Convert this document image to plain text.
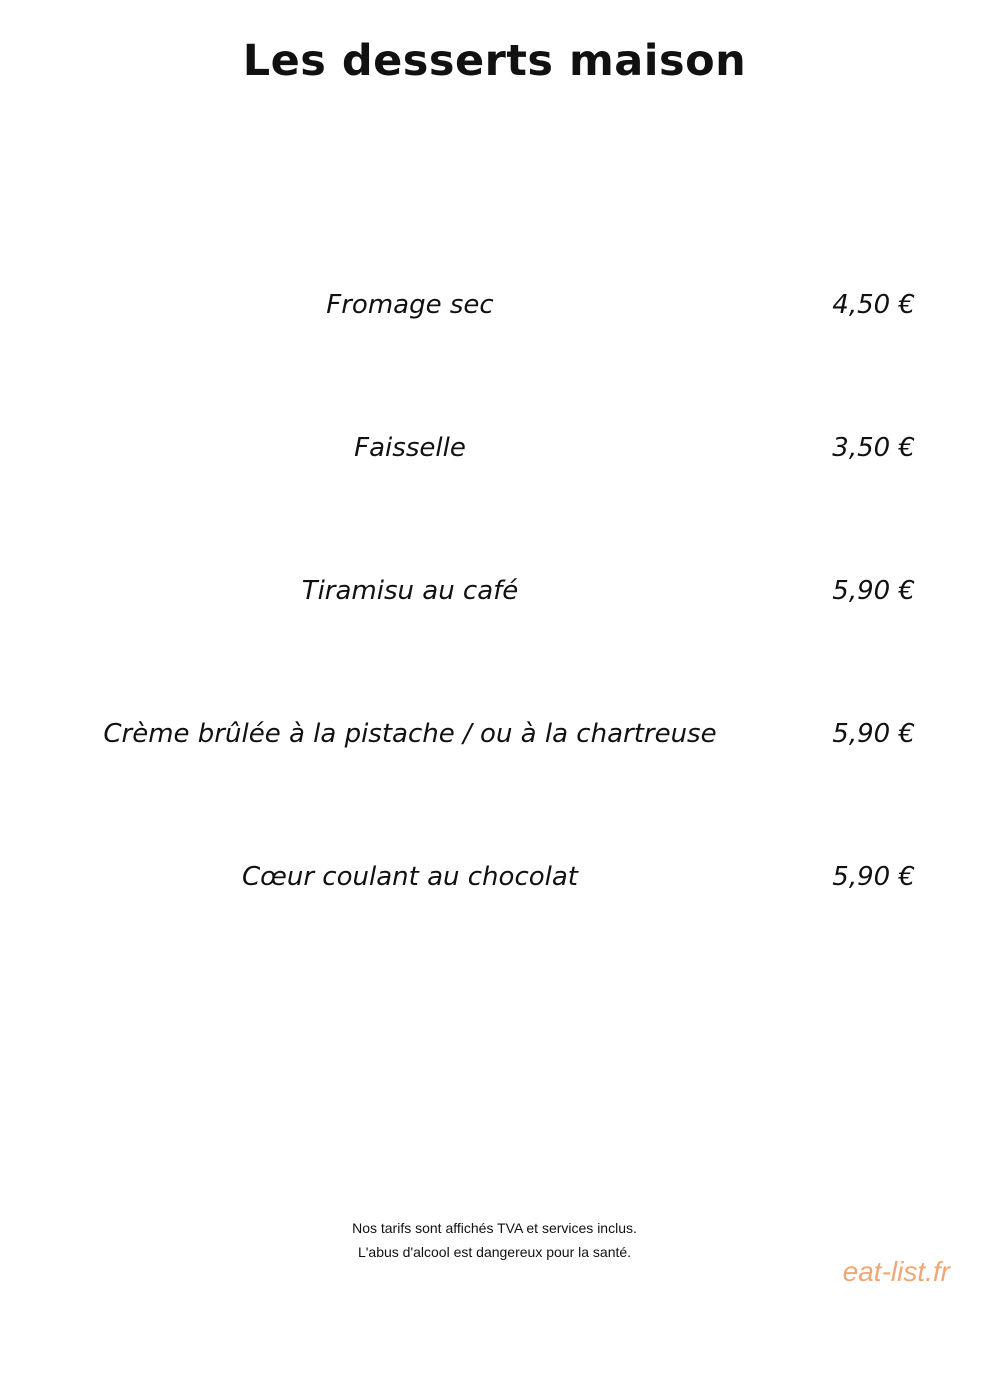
Les desserts maison
Fromage sec	4,50 €
Faisselle	3,50 €
Tiramisu au café	5,90 €
Crème brûlée à la pistache / ou à la chartreuse	5,90 €
Cœur coulant au chocolat	5,90 €
Nos tarifs sont affichés TVA et services inclus.
L'abus d'alcool est dangereux pour la santé.
eat-list.fr
